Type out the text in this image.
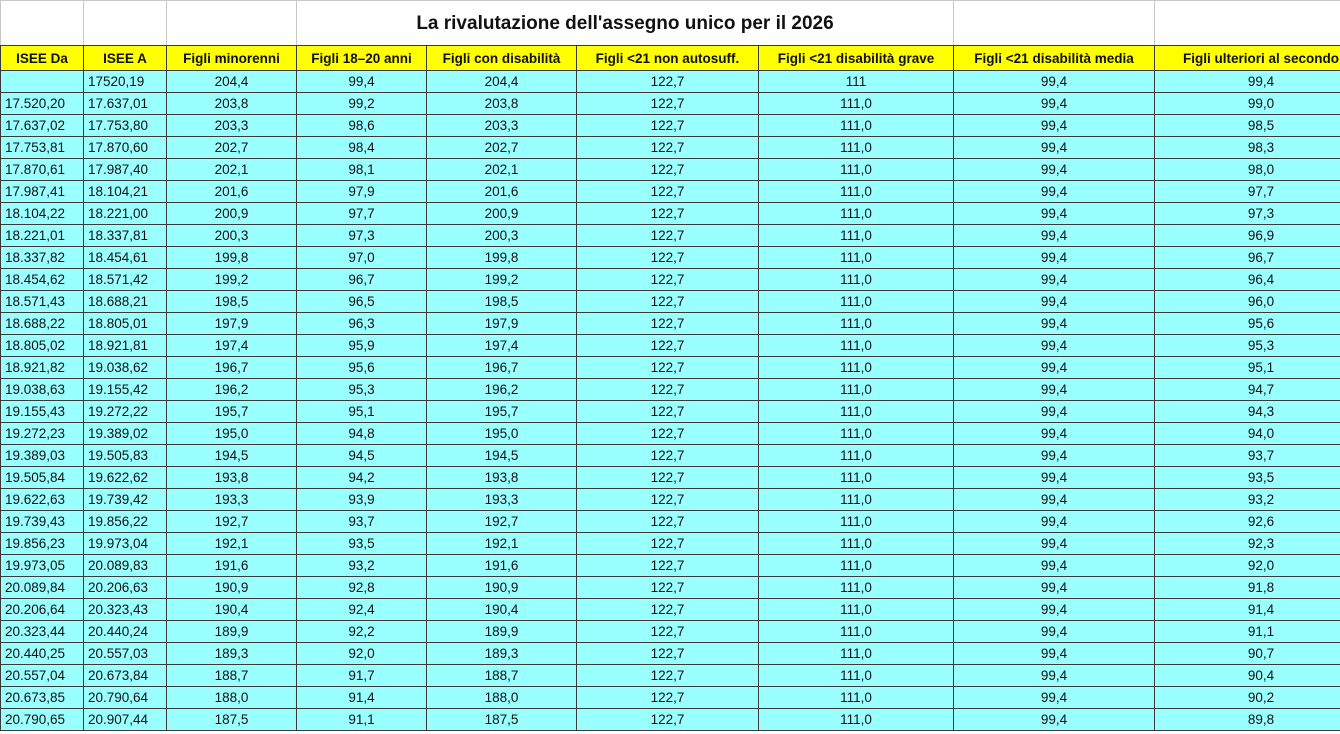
			La rivalutazione dell'assegno unico per il 2026					
ISEE Da	ISEE A	Figli minorenni	Figli 18–20 anni	Figli con disabilità	Figli <21 non autosuff.	Figli <21 disabilità grave	Figli <21 disabilità media	Figli ulteriori al secondo
	17520,19	204,4	99,4	204,4	122,7	111	99,4	99,4
17.520,20	17.637,01	203,8	99,2	203,8	122,7	111,0	99,4	99,0
17.637,02	17.753,80	203,3	98,6	203,3	122,7	111,0	99,4	98,5
17.753,81	17.870,60	202,7	98,4	202,7	122,7	111,0	99,4	98,3
17.870,61	17.987,40	202,1	98,1	202,1	122,7	111,0	99,4	98,0
17.987,41	18.104,21	201,6	97,9	201,6	122,7	111,0	99,4	97,7
18.104,22	18.221,00	200,9	97,7	200,9	122,7	111,0	99,4	97,3
18.221,01	18.337,81	200,3	97,3	200,3	122,7	111,0	99,4	96,9
18.337,82	18.454,61	199,8	97,0	199,8	122,7	111,0	99,4	96,7
18.454,62	18.571,42	199,2	96,7	199,2	122,7	111,0	99,4	96,4
18.571,43	18.688,21	198,5	96,5	198,5	122,7	111,0	99,4	96,0
18.688,22	18.805,01	197,9	96,3	197,9	122,7	111,0	99,4	95,6
18.805,02	18.921,81	197,4	95,9	197,4	122,7	111,0	99,4	95,3
18.921,82	19.038,62	196,7	95,6	196,7	122,7	111,0	99,4	95,1
19.038,63	19.155,42	196,2	95,3	196,2	122,7	111,0	99,4	94,7
19.155,43	19.272,22	195,7	95,1	195,7	122,7	111,0	99,4	94,3
19.272,23	19.389,02	195,0	94,8	195,0	122,7	111,0	99,4	94,0
19.389,03	19.505,83	194,5	94,5	194,5	122,7	111,0	99,4	93,7
19.505,84	19.622,62	193,8	94,2	193,8	122,7	111,0	99,4	93,5
19.622,63	19.739,42	193,3	93,9	193,3	122,7	111,0	99,4	93,2
19.739,43	19.856,22	192,7	93,7	192,7	122,7	111,0	99,4	92,6
19.856,23	19.973,04	192,1	93,5	192,1	122,7	111,0	99,4	92,3
19.973,05	20.089,83	191,6	93,2	191,6	122,7	111,0	99,4	92,0
20.089,84	20.206,63	190,9	92,8	190,9	122,7	111,0	99,4	91,8
20.206,64	20.323,43	190,4	92,4	190,4	122,7	111,0	99,4	91,4
20.323,44	20.440,24	189,9	92,2	189,9	122,7	111,0	99,4	91,1
20.440,25	20.557,03	189,3	92,0	189,3	122,7	111,0	99,4	90,7
20.557,04	20.673,84	188,7	91,7	188,7	122,7	111,0	99,4	90,4
20.673,85	20.790,64	188,0	91,4	188,0	122,7	111,0	99,4	90,2
20.790,65	20.907,44	187,5	91,1	187,5	122,7	111,0	99,4	89,8
